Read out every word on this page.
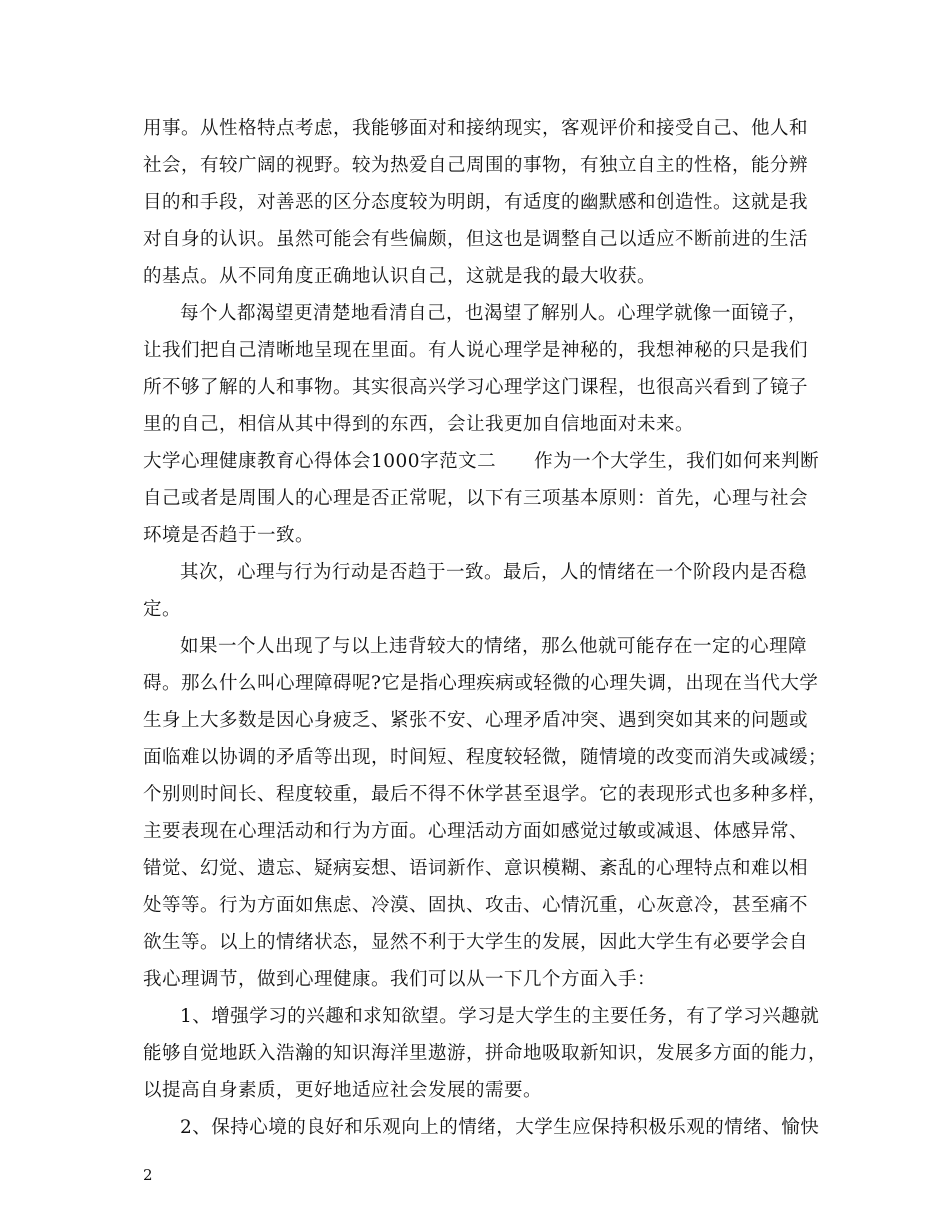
用事。从性格特点考虑，我能够面对和接纳现实，客观评价和接受自己、他人和
社会，有较广阔的视野。较为热爱自己周围的事物，有独立自主的性格，能分辨
目的和手段，对善恶的区分态度较为明朗，有适度的幽默感和创造性。这就是我
对自身的认识。虽然可能会有些偏颇，但这也是调整自己以适应不断前进的生活
的基点。从不同角度正确地认识自己，这就是我的最大收获。
每个人都渴望更清楚地看清自己，也渴望了解别人。心理学就像一面镜子，
让我们把自己清晰地呈现在里面。有人说心理学是神秘的，我想神秘的只是我们
所不够了解的人和事物。其实很高兴学习心理学这门课程，也很高兴看到了镜子
里的自己，相信从其中得到的东西，会让我更加自信地面对未来。
大学心理健康教育心得体会1000字范文二 作为一个大学生，我们如何来判断
自己或者是周围人的心理是否正常呢，以下有三项基本原则：首先，心理与社会
环境是否趋于一致。
其次，心理与行为行动是否趋于一致。最后，人的情绪在一个阶段内是否稳
定。
如果一个人出现了与以上违背较大的情绪，那么他就可能存在一定的心理障
碍。那么什么叫心理障碍呢?它是指心理疾病或轻微的心理失调，出现在当代大学
生身上大多数是因心身疲乏、紧张不安、心理矛盾冲突、遇到突如其来的问题或
面临难以协调的矛盾等出现，时间短、程度较轻微，随情境的改变而消失或减缓；
个别则时间长、程度较重，最后不得不休学甚至退学。它的表现形式也多种多样，
主要表现在心理活动和行为方面。心理活动方面如感觉过敏或减退、体感异常、
错觉、幻觉、遗忘、疑病妄想、语词新作、意识模糊、紊乱的心理特点和难以相
处等等。行为方面如焦虑、冷漠、固执、攻击、心情沉重，心灰意冷，甚至痛不
欲生等。以上的情绪状态，显然不利于大学生的发展，因此大学生有必要学会自
我心理调节，做到心理健康。我们可以从一下几个方面入手：
1、增强学习的兴趣和求知欲望。学习是大学生的主要任务，有了学习兴趣就
能够自觉地跃入浩瀚的知识海洋里遨游，拼命地吸取新知识，发展多方面的能力，
以提高自身素质，更好地适应社会发展的需要。
2、保持心境的良好和乐观向上的情绪，大学生应保持积极乐观的情绪、愉快
2
